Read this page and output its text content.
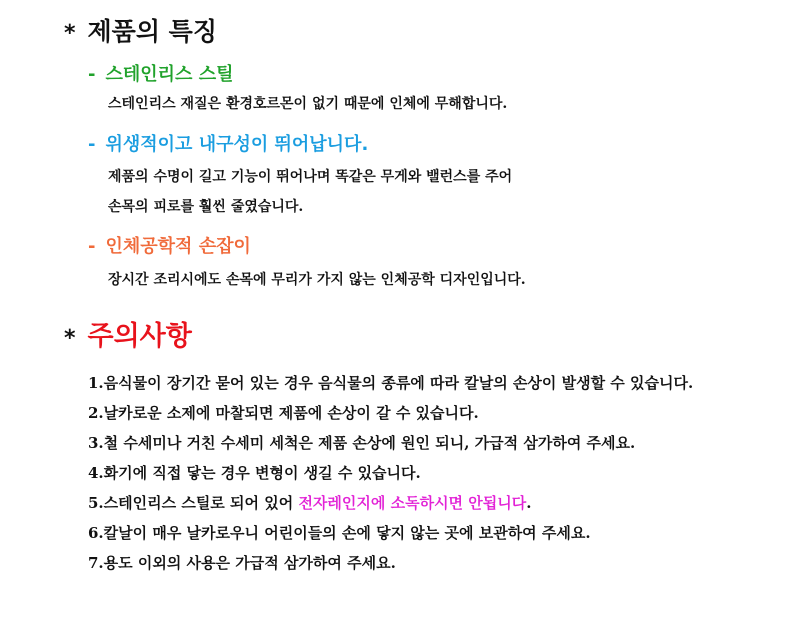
* 제품의 특징
- 스테인리스 스틸
스테인리스 재질은 환경호르몬이 없기 때문에 인체에 무해합니다.
- 위생적이고 내구성이 뛰어납니다.
제품의 수명이 길고 기능이 뛰어나며 똑같은 무게와 밸런스를 주어
손목의 피로를 훨씬 줄였습니다.
- 인체공학적 손잡이
장시간 조리시에도 손목에 무리가 가지 않는 인체공학 디자인입니다.
* 주의사항
1.음식물이 장기간 묻어 있는 경우 음식물의 종류에 따라 칼날의 손상이 발생할 수 있습니다.
2.날카로운 소제에 마찰되면 제품에 손상이 갈 수 있습니다.
3.철 수세미나 거친 수세미 세척은 제품 손상에 원인 되니, 가급적 삼가하여 주세요.
4.화기에 직접 닿는 경우 변형이 생길 수 있습니다.
5.스테인리스 스틸로 되어 있어 전자레인지에 소독하시면 안됩니다.
6.칼날이 매우 날카로우니 어린이들의 손에 닿지 않는 곳에 보관하여 주세요.
7.용도 이외의 사용은 가급적 삼가하여 주세요.
